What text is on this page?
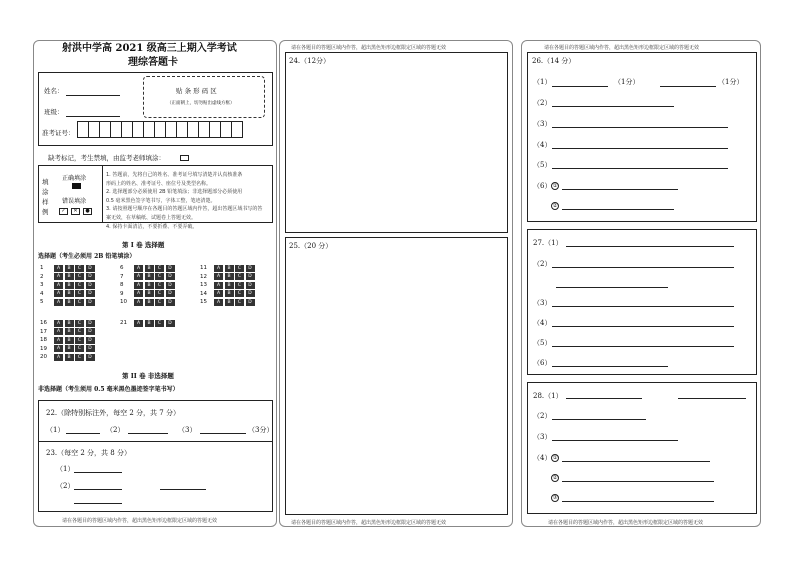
射洪中学高 2021 级高三上期入学考试
理综答题卡
姓名：
班级：
准考证号：
贴 条 形 码 区
（正面朝上，切勿贴出虚线方框）
缺考标记，考生禁填，由监考老师填涂：
填
涂
样
例
正确填涂
错误填涂
✓	✕	●
1. 答题前，先将自己的姓名、准考证号填写清楚并认真核准条
形码上的姓名、准考证号、座位号及类型名称。
2. 选择题部分必须使用 2B 铅笔填涂；非选择题部分必须使用
0.5 毫米黑色签字笔书写，字体工整，笔迹清楚。
3. 请按照题号顺序在各题目的答题区域内作答，超出答题区域书写的答
案无效，在草稿纸、试题卷上答题无效。
4. 保持卡面清洁，不要折叠、不要弄破。
第 I 卷 选择题
选择题（考生必须用 2B 铅笔填涂）
1	A	B	C	D
2	A	B	C	D
3	A	B	C	D
4	A	B	C	D
5	A	B	C	D
6	A	B	C	D
7	A	B	C	D
8	A	B	C	D
9	A	B	C	D
10	A	B	C	D
11	A	B	C	D
12	A	B	C	D
13	A	B	C	D
14	A	B	C	D
15	A	B	C	D
16	A	B	C	D
17	A	B	C	D
18	A	B	C	D
19	A	B	C	D
20	A	B	C	D
21	A	B	C	D
第 II 卷 非选择题
非选择题（考生须用 0.5 毫米黑色墨迹签字笔书写）
22.（除特别标注外，每空 2 分，共 7 分）
（1）	（2）	（3）	（3分）
23.（每空 2 分，共 8 分）
（1）
（2）
请在各题目的答题区域内作答，超出黑色矩形边框限定区域的答题无效
请在各题目的答题区域内作答，超出黑色矩形边框限定区域的答题无效
24.（12分）
25.（20 分）
请在各题目的答题区域内作答，超出黑色矩形边框限定区域的答题无效
请在各题目的答题区域内作答，超出黑色矩形边框限定区域的答题无效
26.（14 分）
（1）	（1分）	（1分）
（2）
（3）
（4）
（5）
（6） ①
②
27.（1）
（2）
（3）
（4）
（5）
（6）
28.（1）
（2）
（3）
（4） ①
②
③
请在各题目的答题区域内作答，超出黑色矩形边框限定区域的答题无效
